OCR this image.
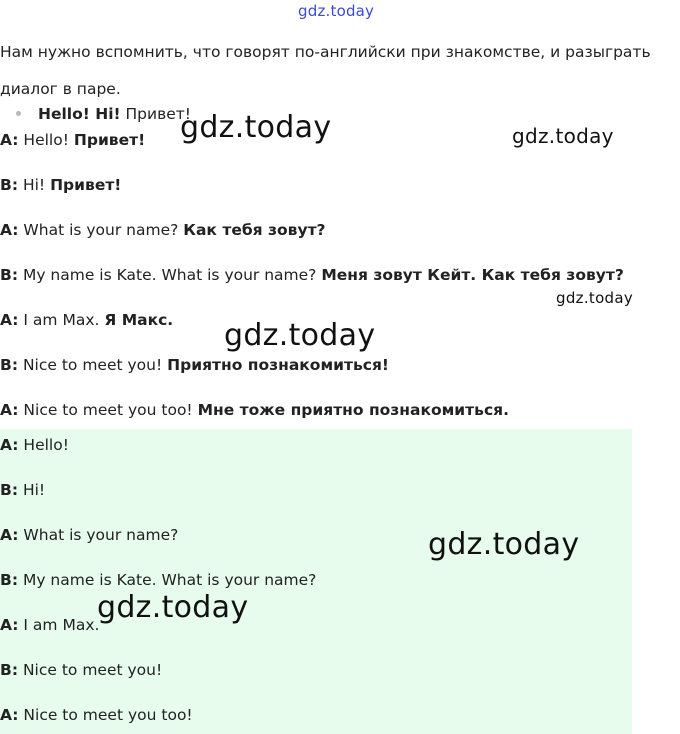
gdz.today
Нам нужно вспомнить, что говорят по-английски при знакомстве, и разыграть диалог в паре.
Hello! Hi! Привет!
A: Hello! Привет!
B: Hi! Привет!
A: What is your name? Как тебя зовут?
B: My name is Kate. What is your name? Меня зовут Кейт. Как тебя зовут?
A: I am Max. Я Макс.
B: Nice to meet you! Приятно познакомиться!
A: Nice to meet you too! Мне тоже приятно познакомиться.
A: Hello!
B: Hi!
A: What is your name?
B: My name is Kate. What is your name?
A: I am Max.
B: Nice to meet you!
A: Nice to meet you too!
gdz.today	gdz.today
gdz.today
gdz.today
gdz.today
gdz.today
